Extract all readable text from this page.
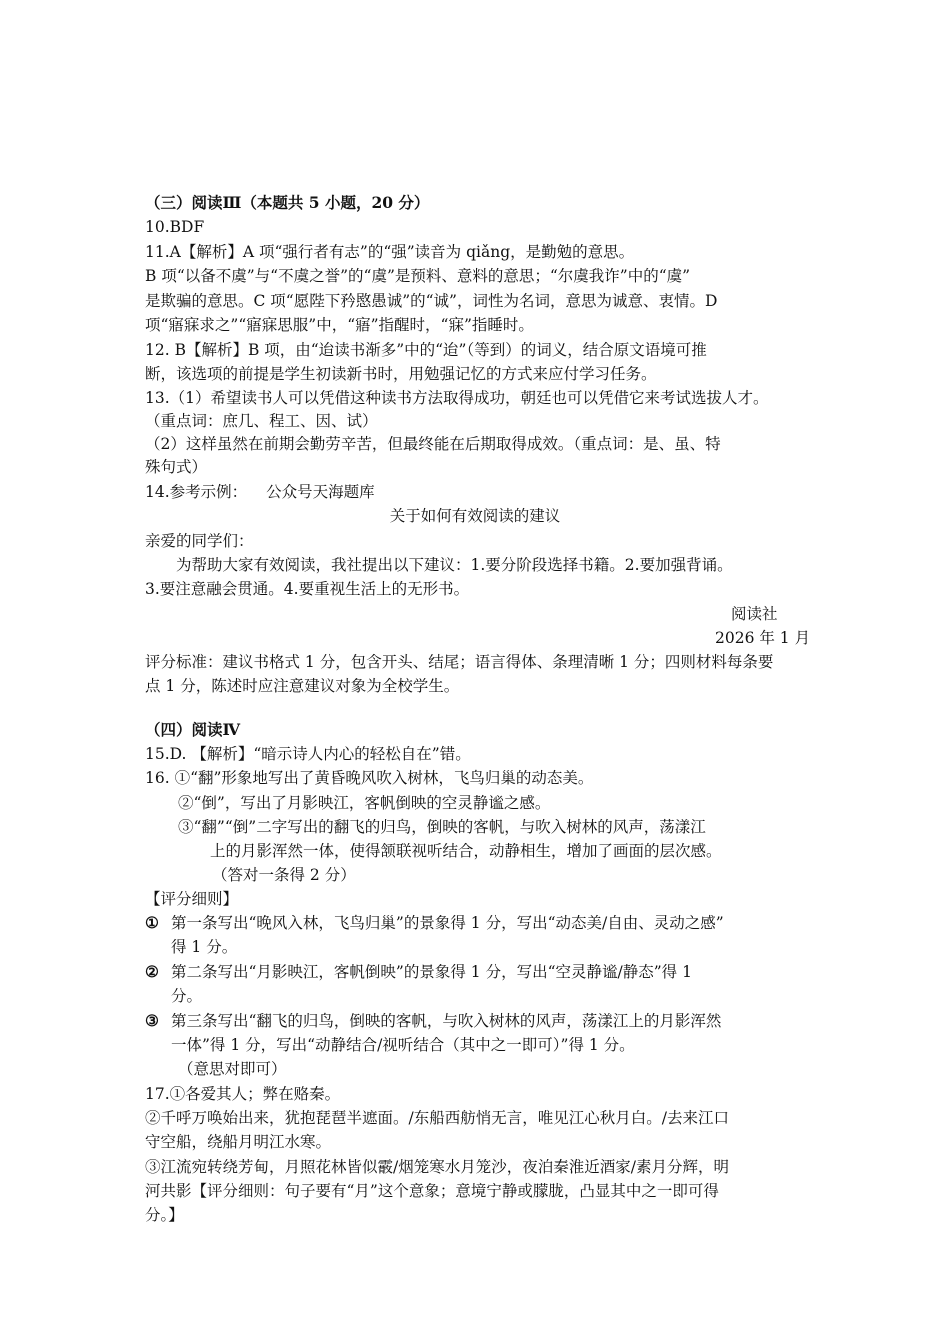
（三）阅读Ⅲ（本题共 5 小题，20 分）
10.BDF
11.A【解析】A 项“强行者有志”的“强”读音为 qiǎng，是勤勉的意思。
B 项“以备不虞”与“不虞之誉”的“虞”是预料、意料的意思；“尔虞我诈”中的“虞”
是欺骗的意思。C 项“愿陛下矜愍愚诚”的“诚”，词性为名词，意思为诚意、衷情。D
项“寤寐求之”“寤寐思服”中，“寤”指醒时，“寐”指睡时。
12. B【解析】B 项，由“迨读书渐多”中的“迨”（等到）的词义，结合原文语境可推
断，该选项的前提是学生初读新书时，用勉强记忆的方式来应付学习任务。
13.（1）希望读书人可以凭借这种读书方法取得成功，朝廷也可以凭借它来考试选拔人才。
（重点词：庶几、程工、因、试）
（2）这样虽然在前期会勤劳辛苦，但最终能在后期取得成效。（重点词：是、虽、特
殊句式）
14.参考示例： 公众号天海题库
关于如何有效阅读的建议
亲爱的同学们：
为帮助大家有效阅读，我社提出以下建议：1.要分阶段选择书籍。2.要加强背诵。
3.要注意融会贯通。4.要重视生活上的无形书。
阅读社
2026 年 1 月
评分标准：建议书格式 1 分，包含开头、结尾；语言得体、条理清晰 1 分；四则材料每条要
点 1 分，陈述时应注意建议对象为全校学生。
（四）阅读Ⅳ
15.D. 【解析】“暗示诗人内心的轻松自在”错。
16. ①“翻”形象地写出了黄昏晚风吹入树林，飞鸟归巢的动态美。
②“倒”，写出了月影映江，客帆倒映的空灵静谧之感。
③“翻”“倒”二字写出的翻飞的归鸟，倒映的客帆，与吹入树林的风声，荡漾江
上的月影浑然一体，使得颔联视听结合，动静相生，增加了画面的层次感。
（答对一条得 2 分）
【评分细则】
① 第一条写出“晚风入林，飞鸟归巢”的景象得 1 分，写出“动态美/自由、灵动之感”
得 1 分。
② 第二条写出“月影映江，客帆倒映”的景象得 1 分，写出“空灵静谧/静态”得 1
分。
③ 第三条写出“翻飞的归鸟，倒映的客帆，与吹入树林的风声，荡漾江上的月影浑然
一体”得 1 分，写出“动静结合/视听结合（其中之一即可）”得 1 分。
（意思对即可）
17.①各爱其人；弊在赂秦。
②千呼万唤始出来，犹抱琵琶半遮面。/东船西舫悄无言，唯见江心秋月白。/去来江口
守空船，绕船月明江水寒。
③江流宛转绕芳甸，月照花林皆似霰/烟笼寒水月笼沙，夜泊秦淮近酒家/素月分辉，明
河共影【评分细则：句子要有“月”这个意象；意境宁静或朦胧，凸显其中之一即可得
分。】
